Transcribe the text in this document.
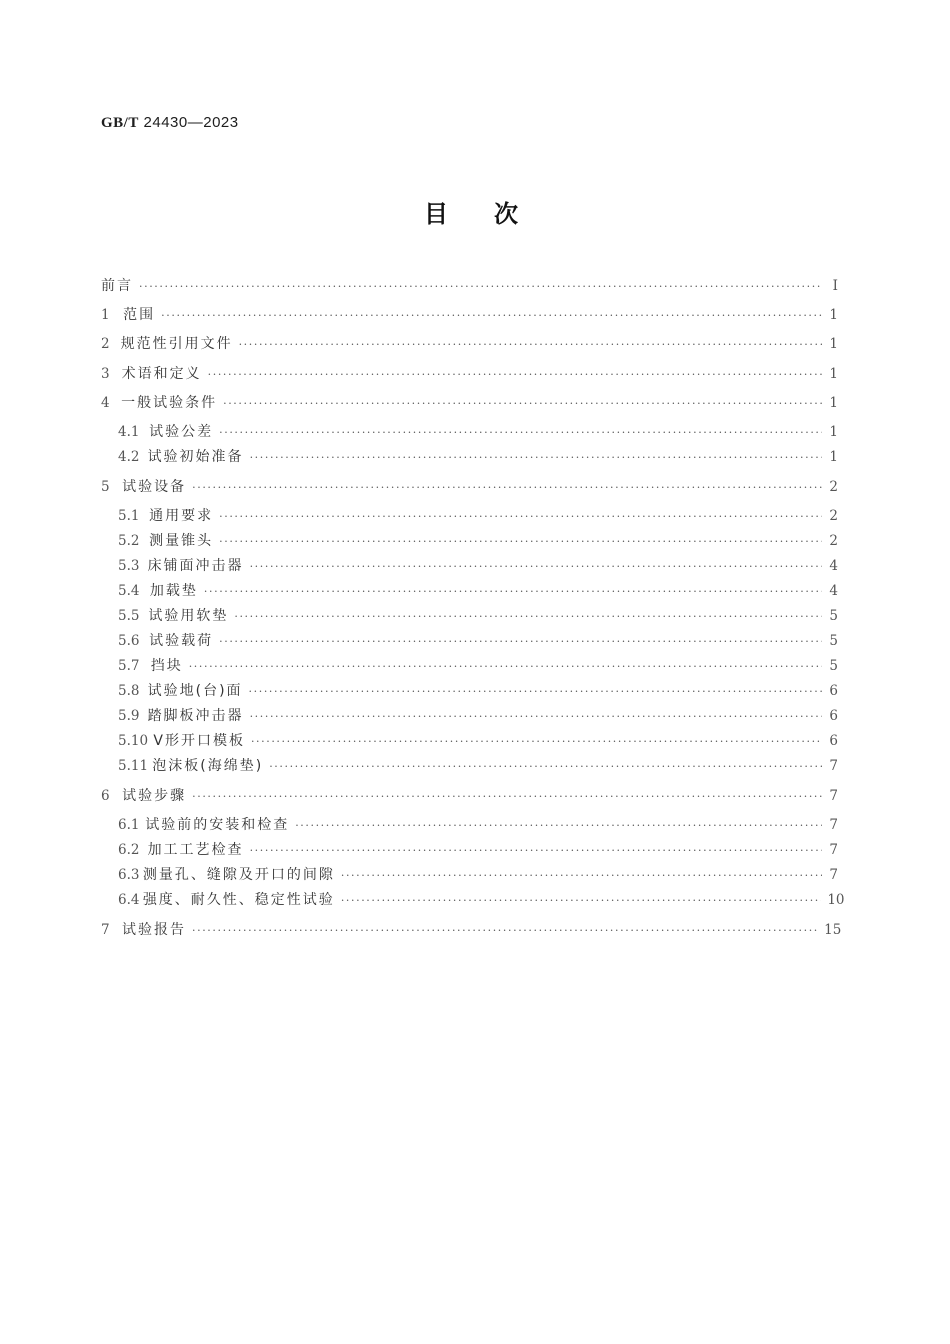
GB/T 24430—2023
目次
前言 ·····	Ⅰ
1 范围 ·····	1
2 规范性引用文件 ·····	1
3 术语和定义 ·····	1
4 一般试验条件 ·····	1
4.1 试验公差 ·····	1
4.2 试验初始准备 ·····	1
5 试验设备 ·····	2
5.1 通用要求 ·····	2
5.2 测量锥头 ·····	2
5.3 床铺面冲击器 ·····	4
5.4 加载垫 ·····	4
5.5 试验用软垫 ·····	5
5.6 试验载荷 ·····	5
5.7 挡块 ·····	5
5.8 试验地(台)面 ·····	6
5.9 踏脚板冲击器 ·····	6
5.10 V形开口模板 ·····	6
5.11 泡沫板(海绵垫) ·····	7
6 试验步骤 ·····	7
6.1 试验前的安装和检查 ·····	7
6.2 加工工艺检查 ·····	7
6.3 测量孔、缝隙及开口的间隙 ·····	7
6.4 强度、耐久性、稳定性试验 ·····	10
7 试验报告 ·····	15
